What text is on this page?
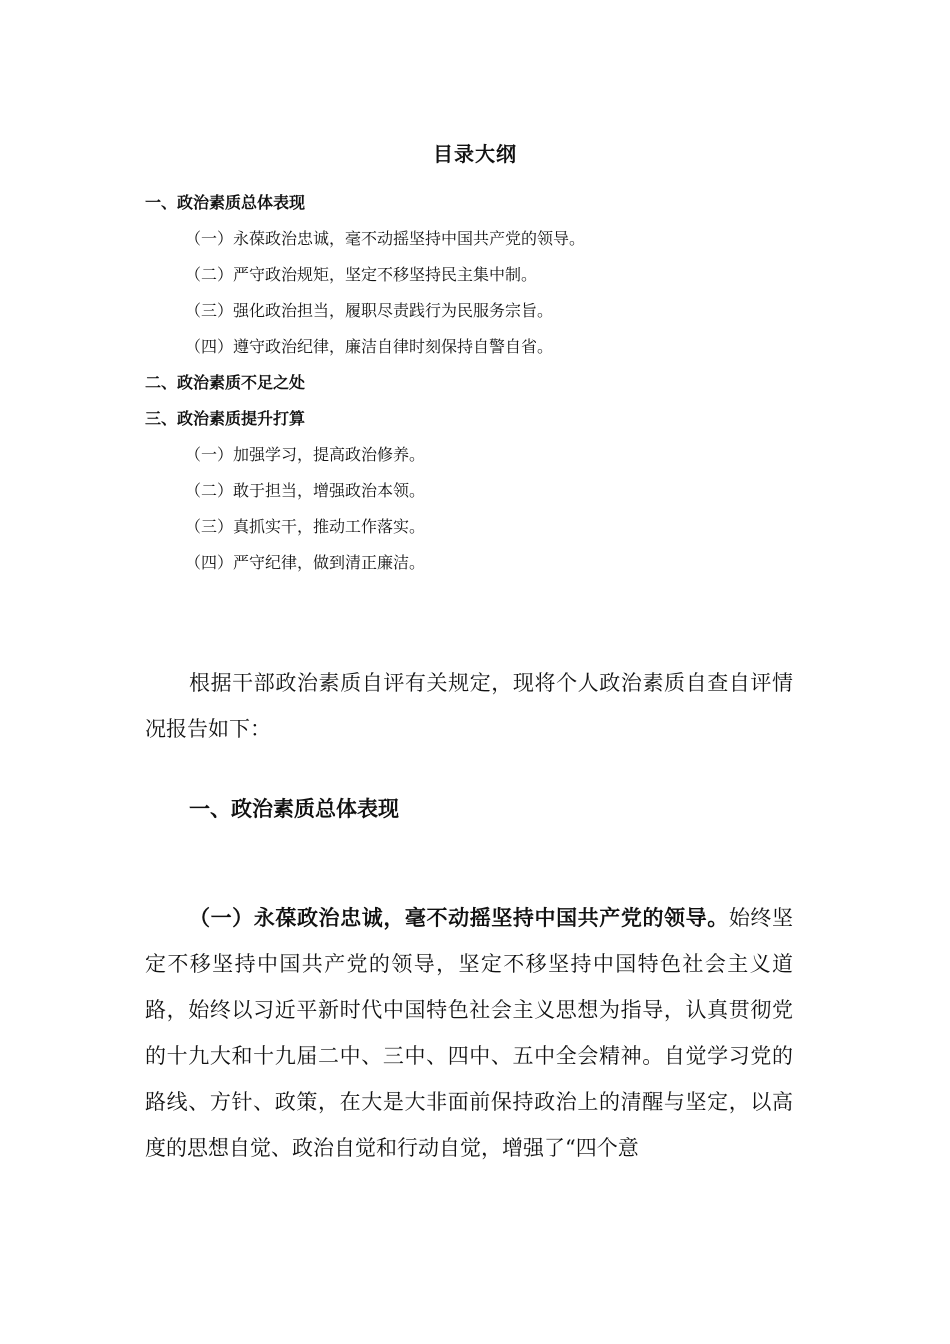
目录大纲
一、政治素质总体表现
（一）永葆政治忠诚，毫不动摇坚持中国共产党的领导。
（二）严守政治规矩，坚定不移坚持民主集中制。
（三）强化政治担当，履职尽责践行为民服务宗旨。
（四）遵守政治纪律，廉洁自律时刻保持自警自省。
二、政治素质不足之处
三、政治素质提升打算
（一）加强学习，提高政治修养。
（二）敢于担当，增强政治本领。
（三）真抓实干，推动工作落实。
（四）严守纪律，做到清正廉洁。

根据干部政治素质自评有关规定，现将个人政治素质自查自评情况报告如下：

一、政治素质总体表现

（一）永葆政治忠诚，毫不动摇坚持中国共产党的领导。始终坚定不移坚持中国共产党的领导，坚定不移坚持中国特色社会主义道路，始终以习近平新时代中国特色社会主义思想为指导，认真贯彻党的十九大和十九届二中、三中、四中、五中全会精神。自觉学习党的路线、方针、政策，在大是大非面前保持政治上的清醒与坚定，以高度的思想自觉、政治自觉和行动自觉，增强了“四个意
